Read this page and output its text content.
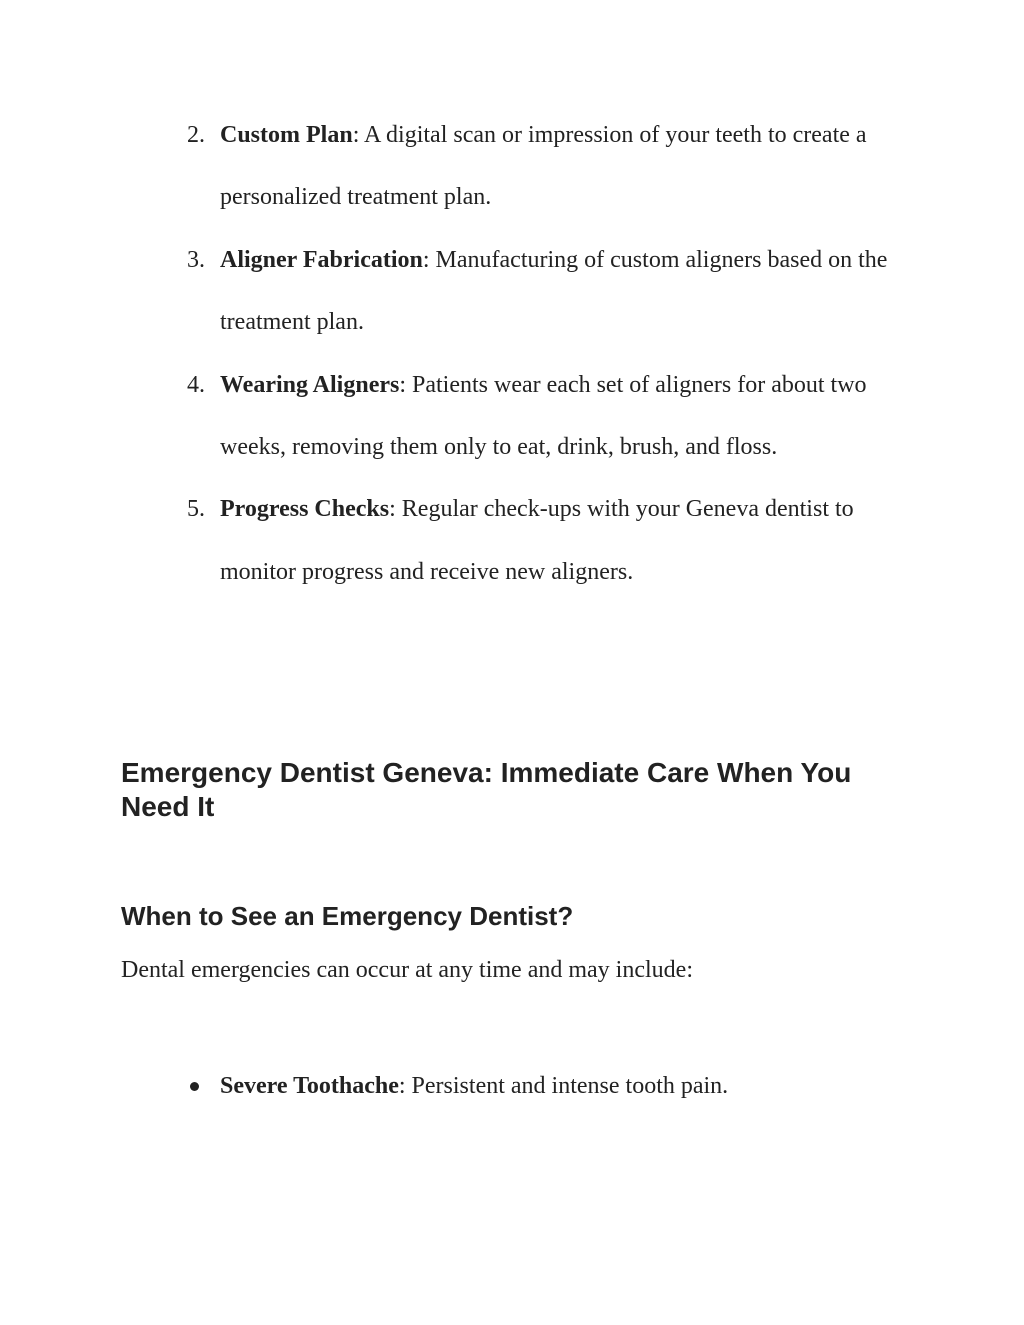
2. Custom Plan: A digital scan or impression of your teeth to create a personalized treatment plan.
3. Aligner Fabrication: Manufacturing of custom aligners based on the treatment plan.
4. Wearing Aligners: Patients wear each set of aligners for about two weeks, removing them only to eat, drink, brush, and floss.
5. Progress Checks: Regular check-ups with your Geneva dentist to monitor progress and receive new aligners.
Emergency Dentist Geneva: Immediate Care When You Need It
When to See an Emergency Dentist?

Dental emergencies can occur at any time and may include:

Severe Toothache: Persistent and intense tooth pain.
